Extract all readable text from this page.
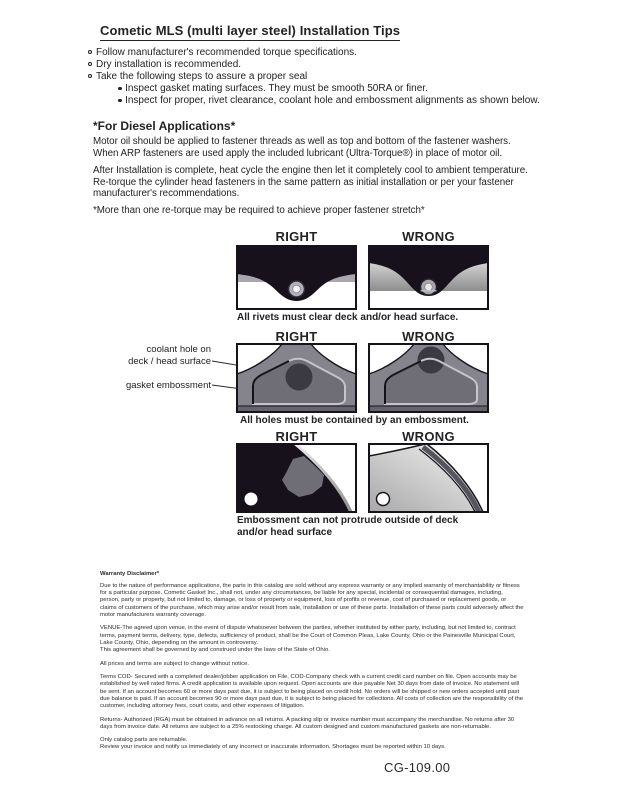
Cometic MLS (multi layer steel) Installation Tips
Follow manufacturer's recommended torque specifications.
Dry installation is recommended.
Take the following steps to assure a proper seal
Inspect gasket mating surfaces. They must be smooth 50RA or finer.
Inspect for proper, rivet clearance, coolant hole and embossment alignments as shown below.
*For Diesel Applications*
Motor oil should be applied to fastener threads as well as top and bottom of the fastener washers. When ARP fasteners are used apply the included lubricant (Ultra-Torque®) in place of motor oil.
After Installation is complete, heat cycle the engine then let it completely cool to ambient temperature. Re-torque the cylinder head fasteners in the same pattern as initial installation or per your fastener manufacturer's recommendations.
*More than one re-torque may be required to achieve proper fastener stretch*
RIGHT	WRONG
All rivets must clear deck and/or head surface.
RIGHT	WRONG
coolant hole on
deck / head surface
gasket embossment
All holes must be contained by an embossment.
RIGHT	WRONG
Embossment can not protrude outside of deck
and/or head surface
Warranty Disclaimer*
Due to the nature of performance applications, the parts in this catalog are sold without any express warranty or any implied warranty of merchantability or fitness for a particular purpose. Cometic Gasket Inc., shall not, under any circumstances, be liable for any special, incidental or consequential damages, including, person, party or property, but not limited to, damage, or loss of property or equipment, loss of profits or revenue, cost of purchased or replacement goods, or claims of customers of the purchase, which may arise and/or result from sale, installation or use of these parts. Installation of these parts could adversely affect the motor manufacturers warranty coverage.
VENUE-The agreed upon venue, in the event of dispute whatsoever between the parties, whether instituted by either party, including, but not limited to, contract terms, payment terms, delivery, type, defects, sufficiency of product, shall be the Court of Common Pleas, Lake County, Ohio or the Painesville Municipal Court, Lake County, Ohio, depending on the amount in controversy.
This agreement shall be governed by and construed under the laws of the State of Ohio.
All prices and terms are subject to change without notice.
Terms COD- Secured with a completed dealer/jobber application on File, COD-Company check with a current credit card number on file. Open accounts may be established by well rated firms. A credit application is available upon request. Open accounts are due payable Net 30 days from date of invoice. No statement will be sent. If an account becomes 60 or more days past due, it is subject to being placed on credit hold. No orders will be shipped or new orders accepted until past due balance is paid. If an account becomes 90 or more days past due, it is subject to being placed for collections. All costs of collection are the responsibility of the customer, including attorney fees, court costs, and other expenses of litigation.
Returns- Authorized (RGA) must be obtained in advance on all returns. A packing slip or invoice number must accompany the merchandise. No returns after 30 days from invoice date. All returns are subject to a 25% restocking charge. All custom designed and custom manufactured gaskets are non-returnable.
Only catalog parts are returnable.
Review your invoice and notify us immediately of any incorrect or inaccurate information. Shortages must be reported within 10 days.
CG-109.00
